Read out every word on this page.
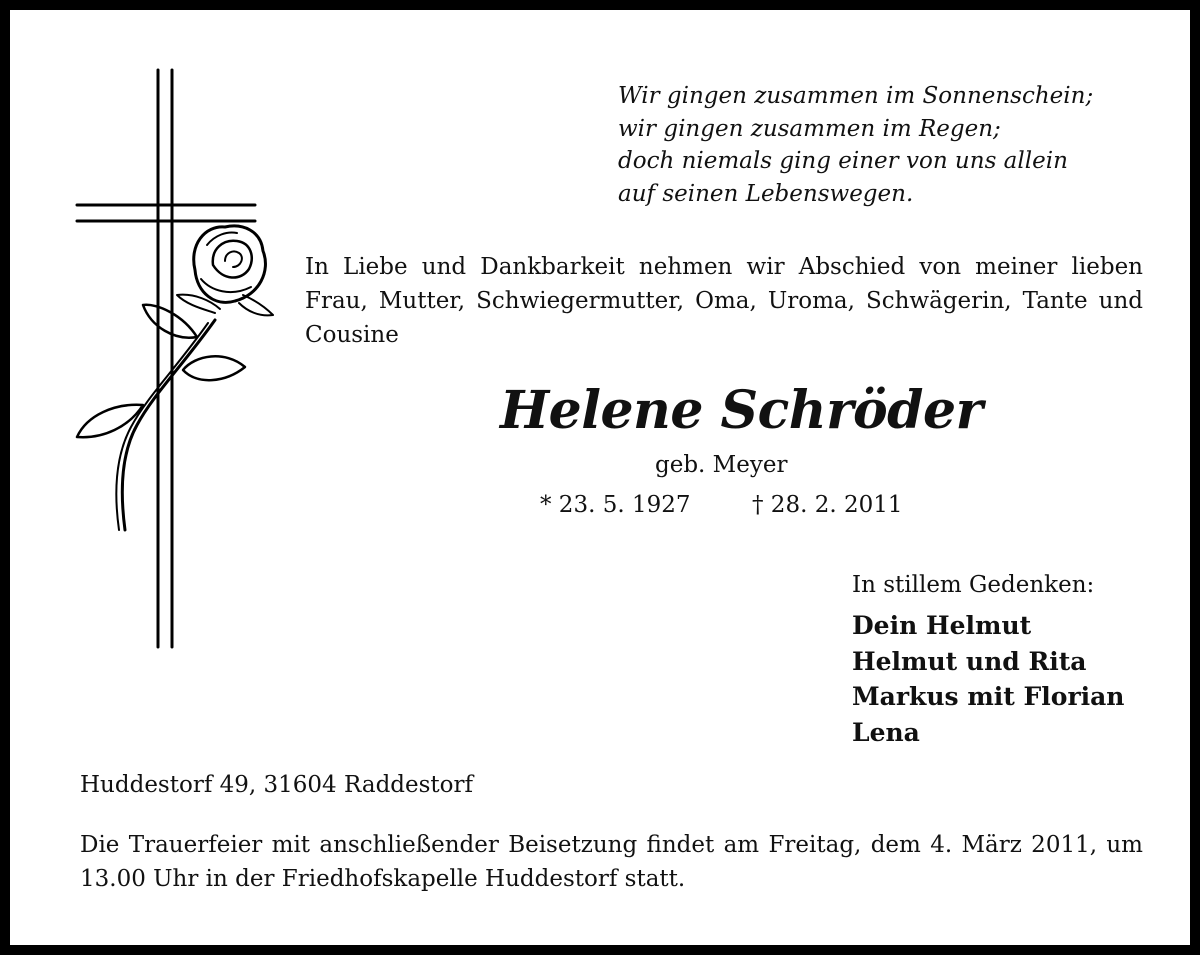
Wir gingen zusammen im Sonnenschein;
wir gingen zusammen im Regen;
doch niemals ging einer von uns allein
auf seinen Lebenswegen.
In Liebe und Dankbarkeit nehmen wir Abschied von meiner lieben Frau, Mutter, Schwiegermutter, Oma, Uroma, Schwägerin, Tante und Cousine
Helene Schröder
geb. Meyer
* 23. 5. 1927	† 28. 2. 2011
In stillem Gedenken:
Dein Helmut
Helmut und Rita
Markus mit Florian
Lena
Huddestorf 49, 31604 Raddestorf
Die Trauerfeier mit anschließender Beisetzung findet am Freitag, dem 4. März 2011, um 13.00 Uhr in der Friedhofskapelle Huddestorf statt.
